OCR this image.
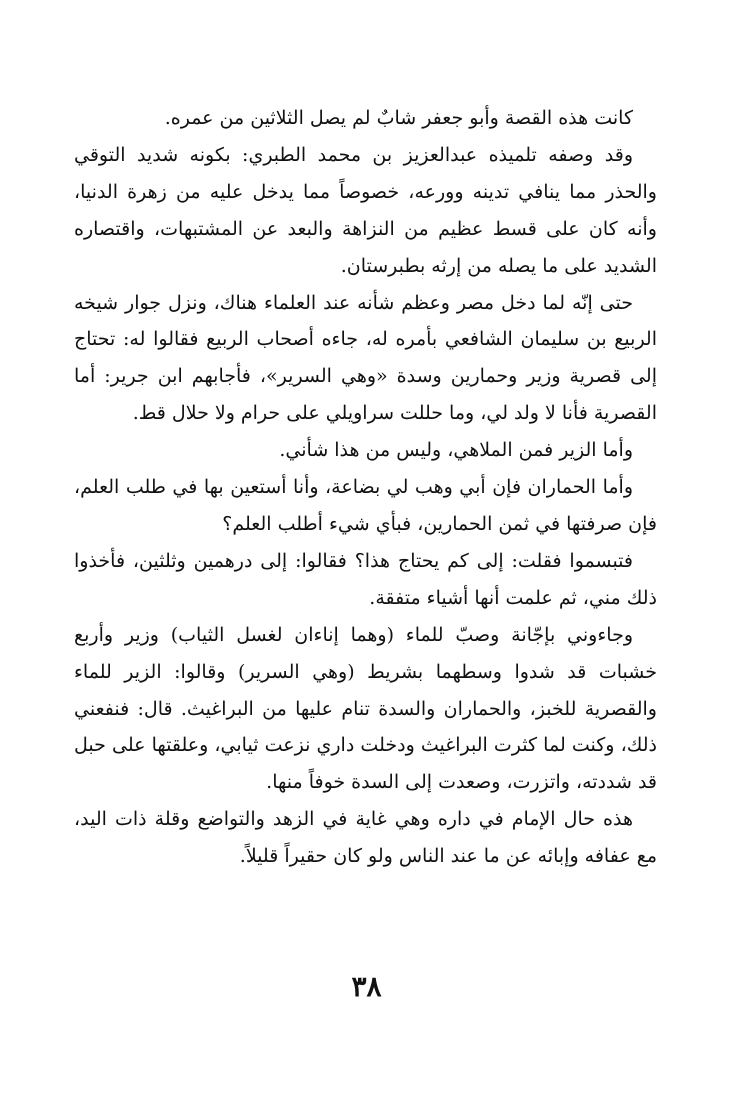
كانت هذه القصة وأبو جعفر شابٌ لم يصل الثلاثين من عمره.

وقد وصفه تلميذه عبدالعزيز بن محمد الطبري: بكونه شديد التوقي والحذر مما ينافي تدينه وورعه، خصوصاً مما يدخل عليه من زهرة الدنيا، وأنه كان على قسط عظيم من النزاهة والبعد عن المشتبهات، واقتصاره الشديد على ما يصله من إرثه بطبرستان.

حتى إنّه لما دخل مصر وعظم شأنه عند العلماء هناك، ونزل جوار شيخه الربيع بن سليمان الشافعي بأمره له، جاءه أصحاب الربيع فقالوا له: تحتاج إلى قصرية وزير وحمارين وسدة «وهي السرير»، فأجابهم ابن جرير: أما القصرية فأنا لا ولد لي، وما حللت سراويلي على حرام ولا حلال قط.

وأما الزير فمن الملاهي، وليس من هذا شأني.

وأما الحماران فإن أبي وهب لي بضاعة، وأنا أستعين بها في طلب العلم، فإن صرفتها في ثمن الحمارين، فبأي شيء أطلب العلم؟

فتبسموا فقلت: إلى كم يحتاج هذا؟ فقالوا: إلى درهمين وثلثين، فأخذوا ذلك مني، ثم علمت أنها أشياء متفقة.

وجاءوني بإجّانة وصبّ للماء (وهما إناءان لغسل الثياب) وزير وأربع خشبات قد شدوا وسطهما بشريط (وهي السرير) وقالوا: الزير للماء والقصرية للخبز، والحماران والسدة تنام عليها من البراغيث. قال: فنفعني ذلك، وكنت لما كثرت البراغيث ودخلت داري نزعت ثيابي، وعلقتها على حبل قد شددته، واتزرت، وصعدت إلى السدة خوفاً منها.

هذه حال الإمام في داره وهي غاية في الزهد والتواضع وقلة ذات اليد، مع عفافه وإبائه عن ما عند الناس ولو كان حقيراً قليلاً.

٣٨
